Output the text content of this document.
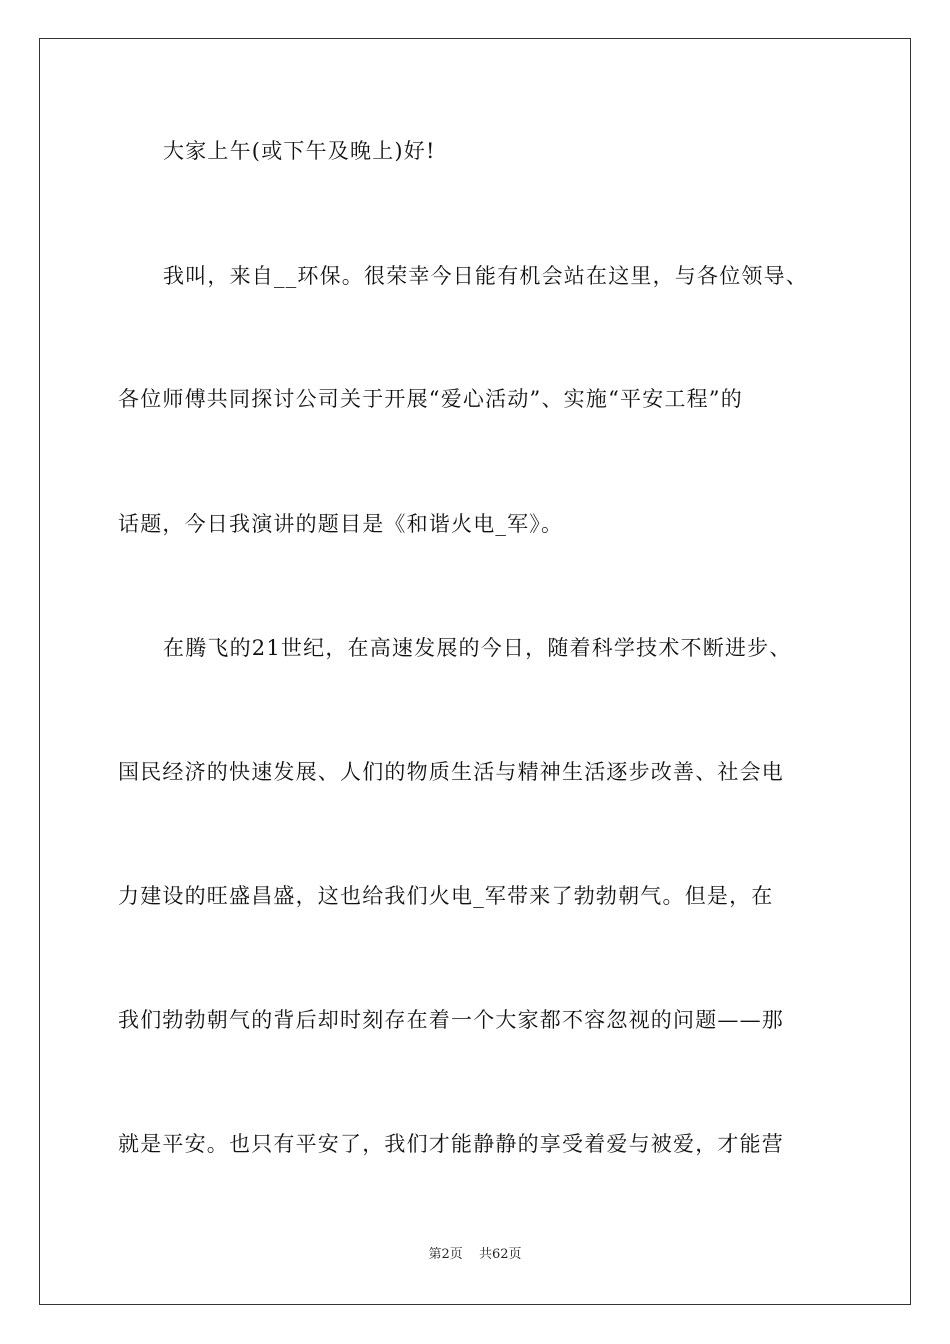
大家上午(或下午及晚上)好!
我叫，来自__环保。很荣幸今日能有机会站在这里，与各位领导、
各位师傅共同探讨公司关于开展“爱心活动”、实施“平安工程”的
话题，今日我演讲的题目是《和谐火电_军》。
在腾飞的21世纪，在高速发展的今日，随着科学技术不断进步、
国民经济的快速发展、人们的物质生活与精神生活逐步改善、社会电
力建设的旺盛昌盛，这也给我们火电_军带来了勃勃朝气。但是，在
我们勃勃朝气的背后却时刻存在着一个大家都不容忽视的问题——那
就是平安。也只有平安了，我们才能静静的享受着爱与被爱，才能营
第2页 共62页
